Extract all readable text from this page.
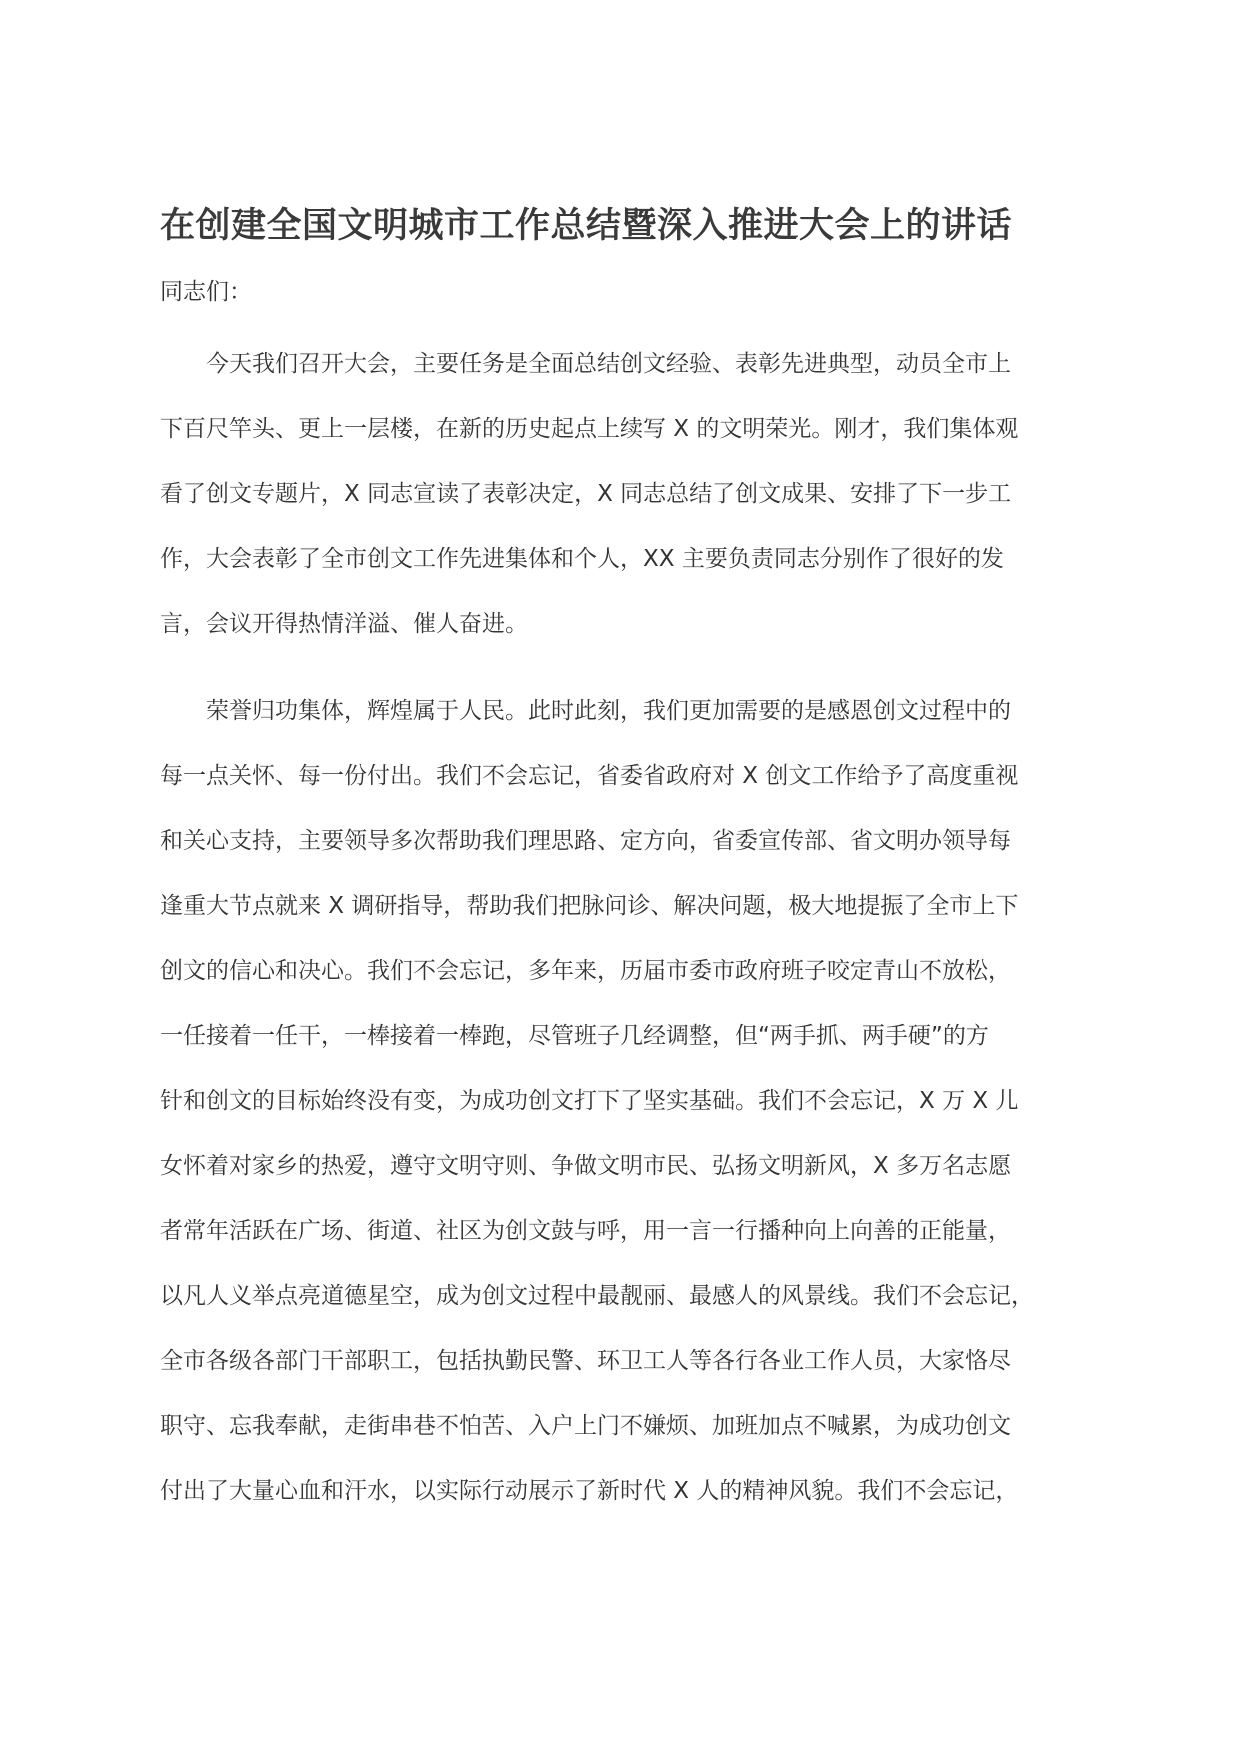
在创建全国文明城市工作总结暨深入推进大会上的讲话

同志们：

今天我们召开大会，主要任务是全面总结创文经验、表彰先进典型，动员全市上
下百尺竿头、更上一层楼，在新的历史起点上续写 X 的文明荣光。刚才，我们集体观
看了创文专题片，X 同志宣读了表彰决定，X 同志总结了创文成果、安排了下一步工
作，大会表彰了全市创文工作先进集体和个人，XX 主要负责同志分别作了很好的发
言，会议开得热情洋溢、催人奋进。
荣誉归功集体，辉煌属于人民。此时此刻，我们更加需要的是感恩创文过程中的
每一点关怀、每一份付出。我们不会忘记，省委省政府对 X 创文工作给予了高度重视
和关心支持，主要领导多次帮助我们理思路、定方向，省委宣传部、省文明办领导每
逢重大节点就来 X 调研指导，帮助我们把脉问诊、解决问题，极大地提振了全市上下
创文的信心和决心。我们不会忘记，多年来，历届市委市政府班子咬定青山不放松，
一任接着一任干，一棒接着一棒跑，尽管班子几经调整，但“两手抓、两手硬”的方
针和创文的目标始终没有变，为成功创文打下了坚实基础。我们不会忘记，X 万 X 儿
女怀着对家乡的热爱，遵守文明守则、争做文明市民、弘扬文明新风，X 多万名志愿
者常年活跃在广场、街道、社区为创文鼓与呼，用一言一行播种向上向善的正能量，
以凡人义举点亮道德星空，成为创文过程中最靓丽、最感人的风景线。我们不会忘记，
全市各级各部门干部职工，包括执勤民警、环卫工人等各行各业工作人员，大家恪尽
职守、忘我奉献，走街串巷不怕苦、入户上门不嫌烦、加班加点不喊累，为成功创文
付出了大量心血和汗水，以实际行动展示了新时代 X 人的精神风貌。我们不会忘记，
